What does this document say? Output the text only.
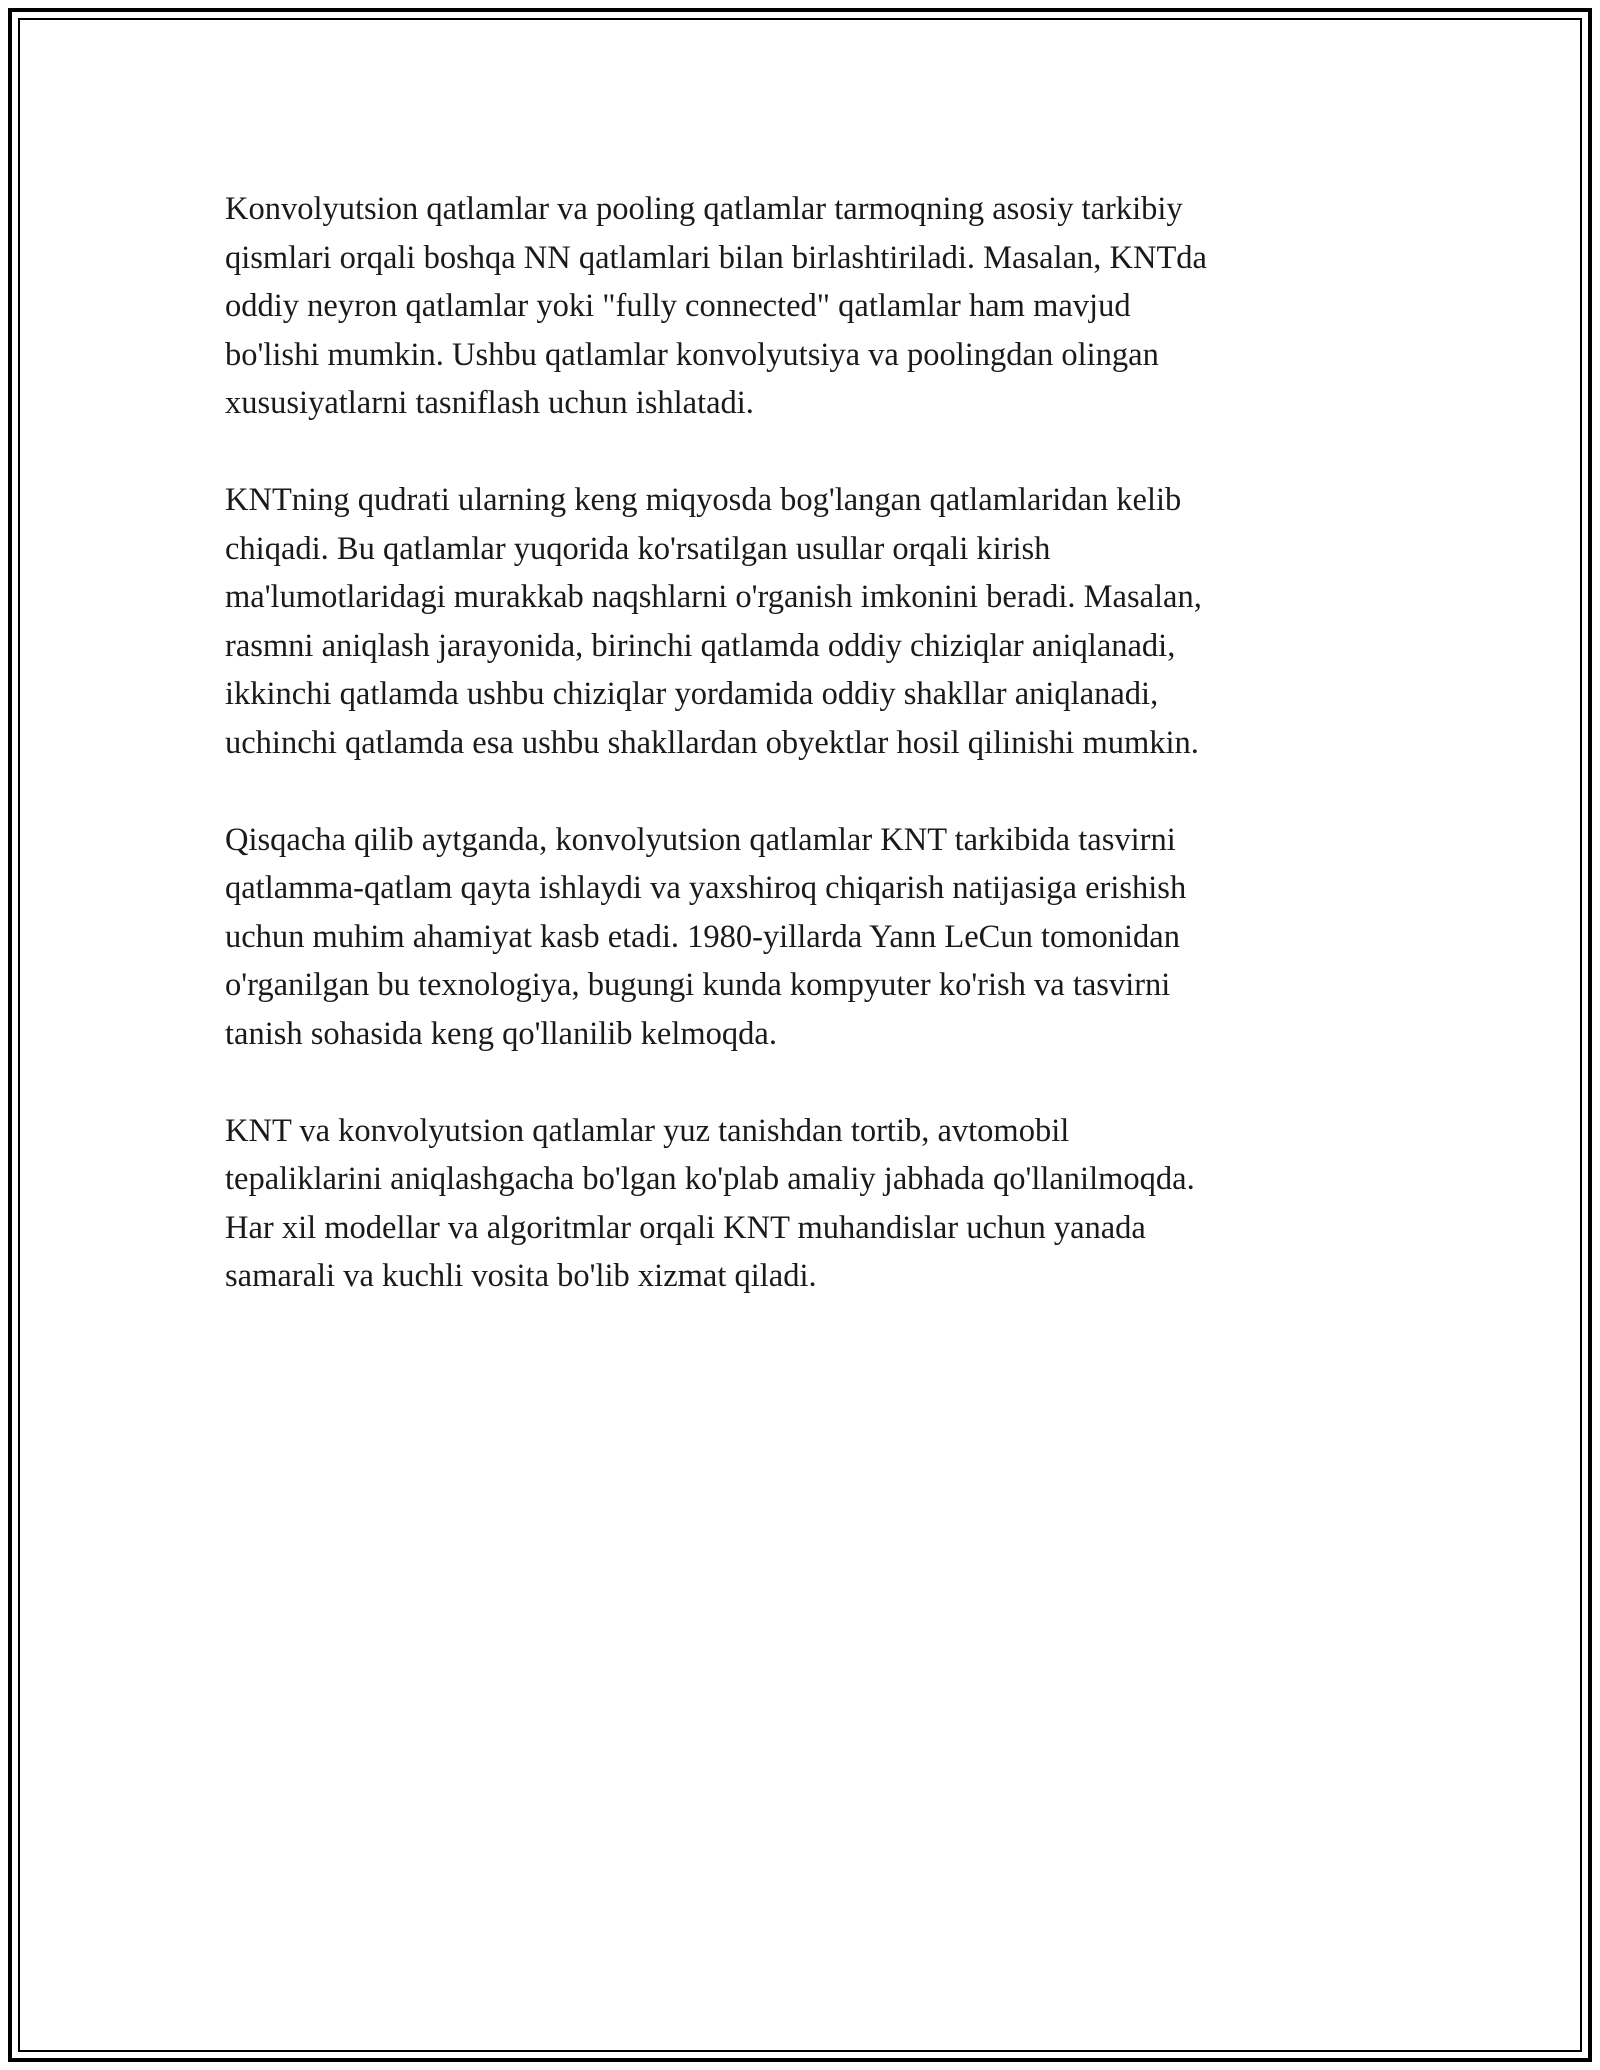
Konvolyutsion qatlamlar va pooling qatlamlar tarmoqning asosiy tarkibiy
qismlari orqali boshqa NN qatlamlari bilan birlashtiriladi. Masalan, KNTda
oddiy neyron qatlamlar yoki "fully connected" qatlamlar ham mavjud
bo'lishi mumkin. Ushbu qatlamlar konvolyutsiya va poolingdan olingan
xususiyatlarni tasniflash uchun ishlatadi.

KNTning qudrati ularning keng miqyosda bog'langan qatlamlaridan kelib
chiqadi. Bu qatlamlar yuqorida ko'rsatilgan usullar orqali kirish
ma'lumotlaridagi murakkab naqshlarni o'rganish imkonini beradi. Masalan,
rasmni aniqlash jarayonida, birinchi qatlamda oddiy chiziqlar aniqlanadi,
ikkinchi qatlamda ushbu chiziqlar yordamida oddiy shakllar aniqlanadi,
uchinchi qatlamda esa ushbu shakllardan obyektlar hosil qilinishi mumkin.

Qisqacha qilib aytganda, konvolyutsion qatlamlar KNT tarkibida tasvirni
qatlamma-qatlam qayta ishlaydi va yaxshiroq chiqarish natijasiga erishish
uchun muhim ahamiyat kasb etadi. 1980-yillarda Yann LeCun tomonidan
o'rganilgan bu texnologiya, bugungi kunda kompyuter ko'rish va tasvirni
tanish sohasida keng qo'llanilib kelmoqda.

KNT va konvolyutsion qatlamlar yuz tanishdan tortib, avtomobil
tepaliklarini aniqlashgacha bo'lgan ko'plab amaliy jabhada qo'llanilmoqda.
Har xil modellar va algoritmlar orqali KNT muhandislar uchun yanada
samarali va kuchli vosita bo'lib xizmat qiladi.
